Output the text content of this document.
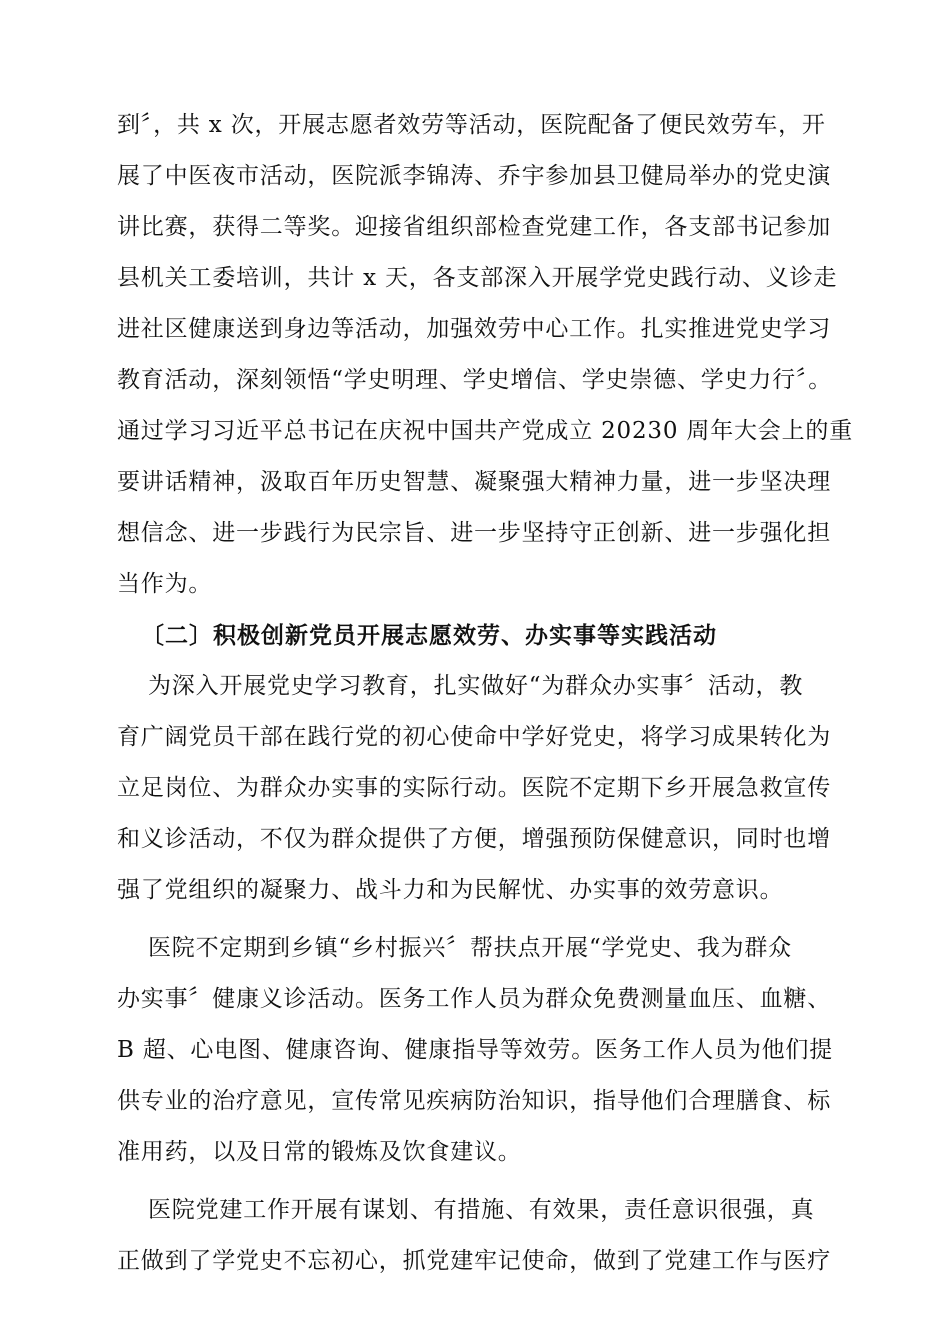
到〞，共 x 次，开展志愿者效劳等活动，医院配备了便民效劳车，开
展了中医夜市活动，医院派李锦涛、乔宇参加县卫健局举办的党史演
讲比赛，获得二等奖。迎接省组织部检查党建工作，各支部书记参加
县机关工委培训，共计 x 天，各支部深入开展学党史践行动、义诊走
进社区健康送到身边等活动，加强效劳中心工作。扎实推进党史学习
教育活动，深刻领悟“学史明理、学史增信、学史崇德、学史力行〞。
通过学习习近平总书记在庆祝中国共产党成立 20230 周年大会上的重
要讲话精神，汲取百年历史智慧、凝聚强大精神力量，进一步坚决理
想信念、进一步践行为民宗旨、进一步坚持守正创新、进一步强化担
当作为。
〔二〕积极创新党员开展志愿效劳、办实事等实践活动
为深入开展党史学习教育，扎实做好“为群众办实事〞活动，教
育广阔党员干部在践行党的初心使命中学好党史，将学习成果转化为
立足岗位、为群众办实事的实际行动。医院不定期下乡开展急救宣传
和义诊活动，不仅为群众提供了方便，增强预防保健意识，同时也增
强了党组织的凝聚力、战斗力和为民解忧、办实事的效劳意识。
医院不定期到乡镇“乡村振兴〞帮扶点开展“学党史、我为群众
办实事〞健康义诊活动。医务工作人员为群众免费测量血压、血糖、
B 超、心电图、健康咨询、健康指导等效劳。医务工作人员为他们提
供专业的治疗意见，宣传常见疾病防治知识，指导他们合理膳食、标
准用药，以及日常的锻炼及饮食建议。
医院党建工作开展有谋划、有措施、有效果，责任意识很强，真
正做到了学党史不忘初心，抓党建牢记使命，做到了党建工作与医疗
